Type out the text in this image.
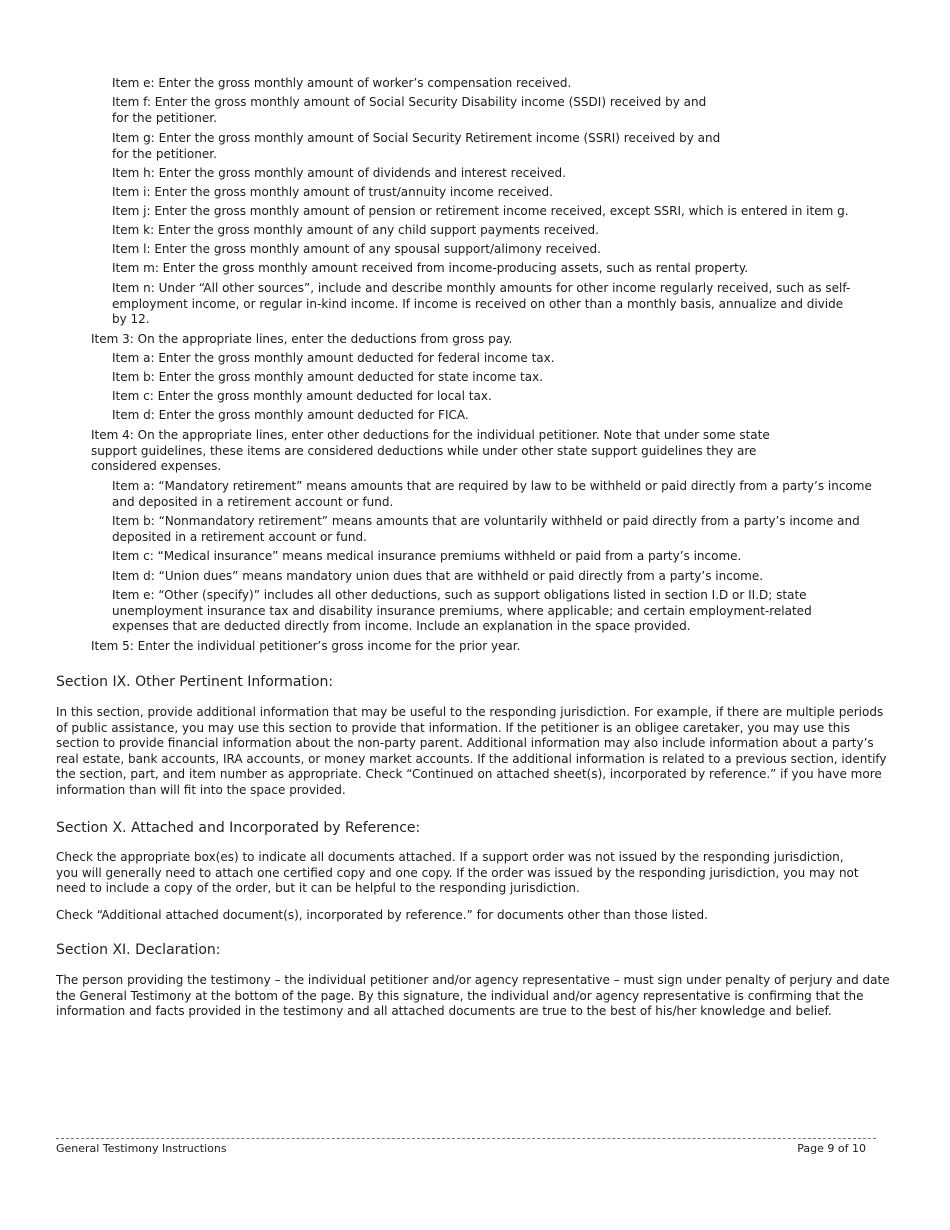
Item e: Enter the gross monthly amount of worker’s compensation received.

Item f: Enter the gross monthly amount of Social Security Disability income (SSDI) received by and for the petitioner.

Item g: Enter the gross monthly amount of Social Security Retirement income (SSRI) received by and for the petitioner.

Item h: Enter the gross monthly amount of dividends and interest received.

Item i: Enter the gross monthly amount of trust/annuity income received.

Item j: Enter the gross monthly amount of pension or retirement income received, except SSRI, which is entered in item g.

Item k: Enter the gross monthly amount of any child support payments received.

Item l: Enter the gross monthly amount of any spousal support/alimony received.

Item m: Enter the gross monthly amount received from income-producing assets, such as rental property.

Item n: Under “All other sources”, include and describe monthly amounts for other income regularly received, such as self-employment income, or regular in-kind income. If income is received on other than a monthly basis, annualize and divide by 12.

Item 3: On the appropriate lines, enter the deductions from gross pay.

Item a: Enter the gross monthly amount deducted for federal income tax.

Item b: Enter the gross monthly amount deducted for state income tax.

Item c: Enter the gross monthly amount deducted for local tax.

Item d: Enter the gross monthly amount deducted for FICA.

Item 4: On the appropriate lines, enter other deductions for the individual petitioner. Note that under some state support guidelines, these items are considered deductions while under other state support guidelines they are considered expenses.

Item a: “Mandatory retirement” means amounts that are required by law to be withheld or paid directly from a party’s income and deposited in a retirement account or fund.

Item b: “Nonmandatory retirement” means amounts that are voluntarily withheld or paid directly from a party’s income and deposited in a retirement account or fund.

Item c: “Medical insurance” means medical insurance premiums withheld or paid from a party’s income.

Item d: “Union dues” means mandatory union dues that are withheld or paid directly from a party’s income.

Item e: “Other (specify)” includes all other deductions, such as support obligations listed in section I.D or II.D; state unemployment insurance tax and disability insurance premiums, where applicable; and certain employment-related expenses that are deducted directly from income. Include an explanation in the space provided.

Item 5: Enter the individual petitioner’s gross income for the prior year.

Section IX. Other Pertinent Information:

In this section, provide additional information that may be useful to the responding jurisdiction. For example, if there are multiple periods of public assistance, you may use this section to provide that information. If the petitioner is an obligee caretaker, you may use this section to provide financial information about the non-party parent. Additional information may also include information about a party’s real estate, bank accounts, IRA accounts, or money market accounts. If the additional information is related to a previous section, identify the section, part, and item number as appropriate. Check “Continued on attached sheet(s), incorporated by reference.” if you have more information than will fit into the space provided.

Section X. Attached and Incorporated by Reference:

Check the appropriate box(es) to indicate all documents attached. If a support order was not issued by the responding jurisdiction, you will generally need to attach one certified copy and one copy. If the order was issued by the responding jurisdiction, you may not need to include a copy of the order, but it can be helpful to the responding jurisdiction.

Check “Additional attached document(s), incorporated by reference.” for documents other than those listed.

Section XI. Declaration:

The person providing the testimony – the individual petitioner and/or agency representative – must sign under penalty of perjury and date the General Testimony at the bottom of the page. By this signature, the individual and/or agency representative is confirming that the information and facts provided in the testimony and all attached documents are true to the best of his/her knowledge and belief.

General Testimony Instructions	Page 9 of 10
